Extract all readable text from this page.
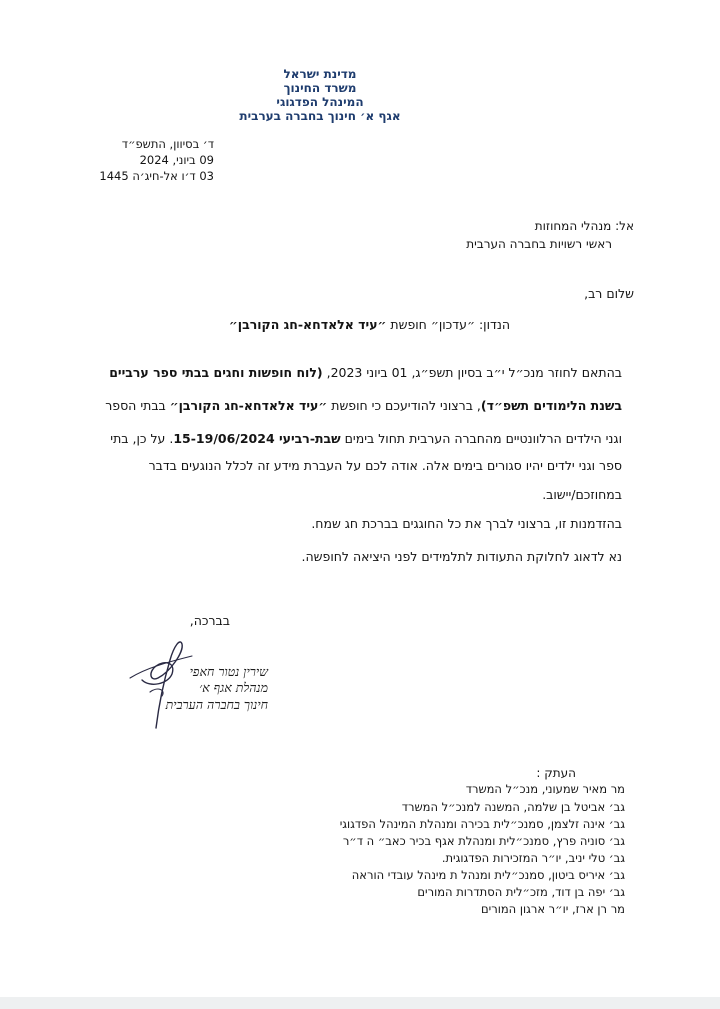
מדינת ישראל
משרד החינוך
המינהל הפדגוגי
אגף א׳ חינוך בחברה בערבית
ד׳ בסיוון, התשפ״ד
09 ביוני, 2024
03 ד׳ו אל-חיג׳ה 1445
אל: מנהלי המחוזות
ראשי רשויות בחברה הערבית
שלום רב,
הנדון: ״עדכון״ חופשת ״עיד אלאדחא-חג הקורבן״
בהתאם לחוזר מנכ״ל י״ב בסיון תשפ״ג, 01 ביוני 2023, (לוח חופשות וחגים בבתי ספר ערביים
בשנת הלימודים תשפ״ד), ברצוני להודיעכם כי חופשת ״עיד אלאדחא-חג הקורבן״ בבתי הספר
וגני הילדים הרלוונטיים מהחברה הערבית תחול בימים שבת-רביעי 15-19/06/2024. על כן, בתי
ספר וגני ילדים יהיו סגורים בימים אלה. אודה לכם על העברת מידע זה לכלל הנוגעים בדבר
במחוזכם/יישוב.
בהזדמנות זו, ברצוני לברך את כל החוגגים בברכת חג שמח.
נא לדאוג לחלוקת התעודות לתלמידים לפני היציאה לחופשה.
בברכה,
שירין נטור חאפי
מנהלת אגף א׳
חינוך בחברה הערבית
העתק :
מר מאיר שמעוני, מנכ״ל המשרד
גב׳ אביטל בן שלמה, המשנה למנכ״ל המשרד
גב׳ אינה זלצמן, סמנכ״לית בכירה ומנהלת המינהל הפדגוגי
גב׳ סוניה פרץ, סמנכ״לית ומנהלת אגף בכיר כאב״ ה ד״ר
גב׳ טלי יניב, יו״ר המזכירות הפדגוגית.
גב׳ איריס ביטון, סמנכ״לית ומנהל ת מינהל עובדי הוראה
גב׳ יפה בן דוד, מזכ״לית הסתדרות המורים
מר רן ארז, יו״ר ארגון המורים
